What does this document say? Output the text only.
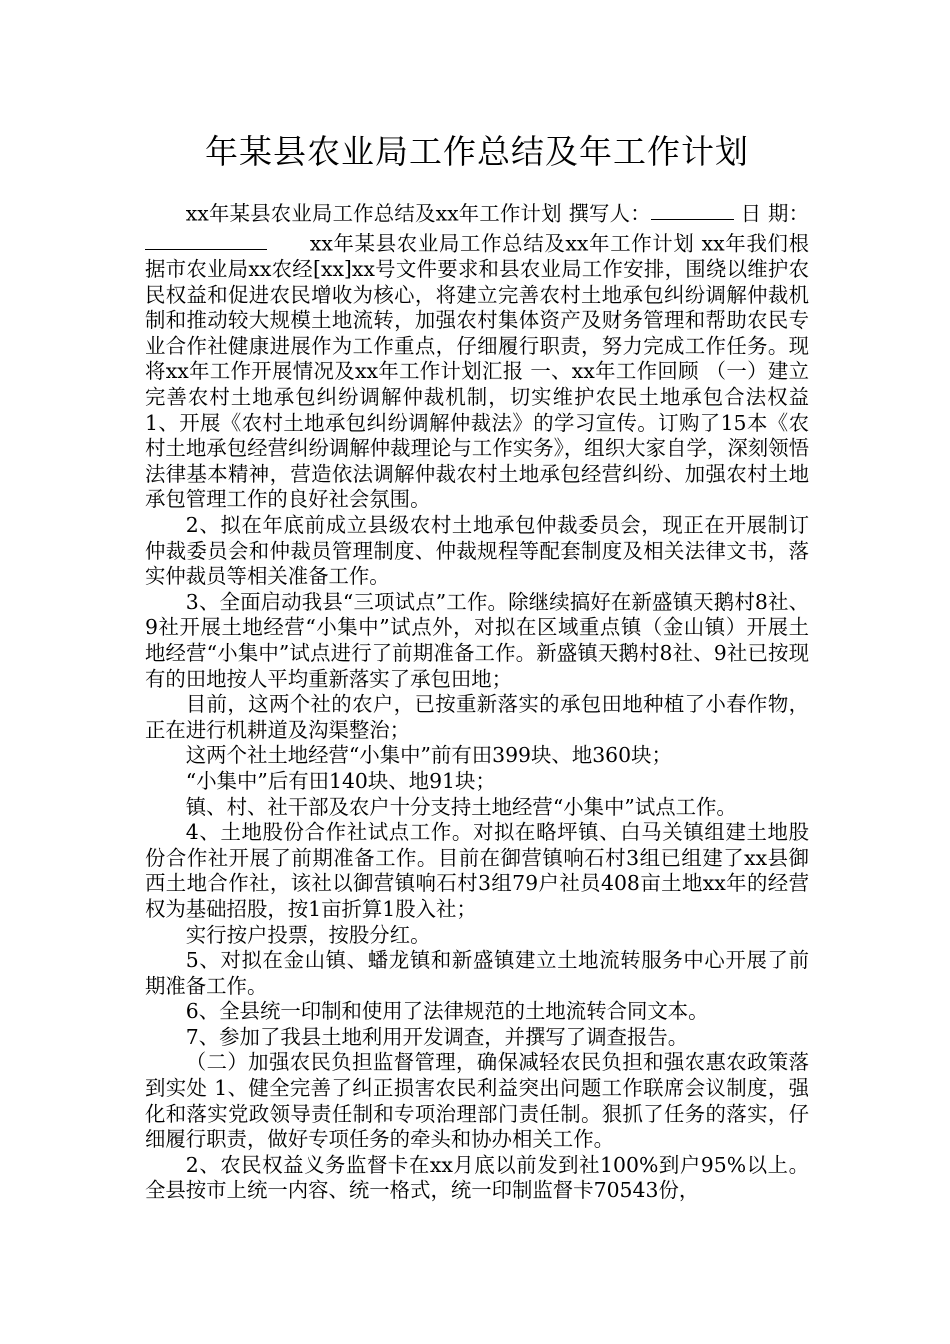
年某县农业局工作总结及年工作计划

xx年某县农业局工作总结及xx年工作计划 撰写人：	日 期：　　xx年某县农业局工作总结及xx年工作计划 xx年我们根据市农业局xx农经[xx]xx号文件要求和县农业局工作安排，围绕以维护农民权益和促进农民增收为核心，将建立完善农村土地承包纠纷调解仲裁机制和推动较大规模土地流转，加强农村集体资产及财务管理和帮助农民专业合作社健康进展作为工作重点，仔细履行职责，努力完成工作任务。现将xx年工作开展情况及xx年工作计划汇报 一、xx年工作回顾 （一）建立完善农村土地承包纠纷调解仲裁机制，切实维护农民土地承包合法权益 1、开展《农村土地承包纠纷调解仲裁法》的学习宣传。订购了15本《农村土地承包经营纠纷调解仲裁理论与工作实务》，组织大家自学，深刻领悟法律基本精神，营造依法调解仲裁农村土地承包经营纠纷、加强农村土地承包管理工作的良好社会氛围。

2、拟在年底前成立县级农村土地承包仲裁委员会，现正在开展制订仲裁委员会和仲裁员管理制度、仲裁规程等配套制度及相关法律文书，落实仲裁员等相关准备工作。

3、全面启动我县“三项试点”工作。除继续搞好在新盛镇天鹅村8社、9社开展土地经营“小集中”试点外，对拟在区域重点镇（金山镇）开展土地经营“小集中”试点进行了前期准备工作。新盛镇天鹅村8社、9社已按现有的田地按人平均重新落实了承包田地；

目前，这两个社的农户，已按重新落实的承包田地种植了小春作物，正在进行机耕道及沟渠整治；

这两个社土地经营“小集中”前有田399块、地360块；

“小集中”后有田140块、地91块；

镇、村、社干部及农户十分支持土地经营“小集中”试点工作。

4、土地股份合作社试点工作。对拟在略坪镇、白马关镇组建土地股份合作社开展了前期准备工作。目前在御营镇响石村3组已组建了xx县御西土地合作社，该社以御营镇响石村3组79户社员408亩土地xx年的经营权为基础招股，按1亩折算1股入社；

实行按户投票，按股分红。

5、对拟在金山镇、蟠龙镇和新盛镇建立土地流转服务中心开展了前期准备工作。

6、全县统一印制和使用了法律规范的土地流转合同文本。

7、参加了我县土地利用开发调查，并撰写了调查报告。

（二）加强农民负担监督管理，确保减轻农民负担和强农惠农政策落到实处 1、健全完善了纠正损害农民利益突出问题工作联席会议制度，强化和落实党政领导责任制和专项治理部门责任制。狠抓了任务的落实，仔细履行职责，做好专项任务的牵头和协办相关工作。

2、农民权益义务监督卡在xx月底以前发到社100%到户95%以上。全县按市上统一内容、统一格式，统一印制监督卡70543份，
